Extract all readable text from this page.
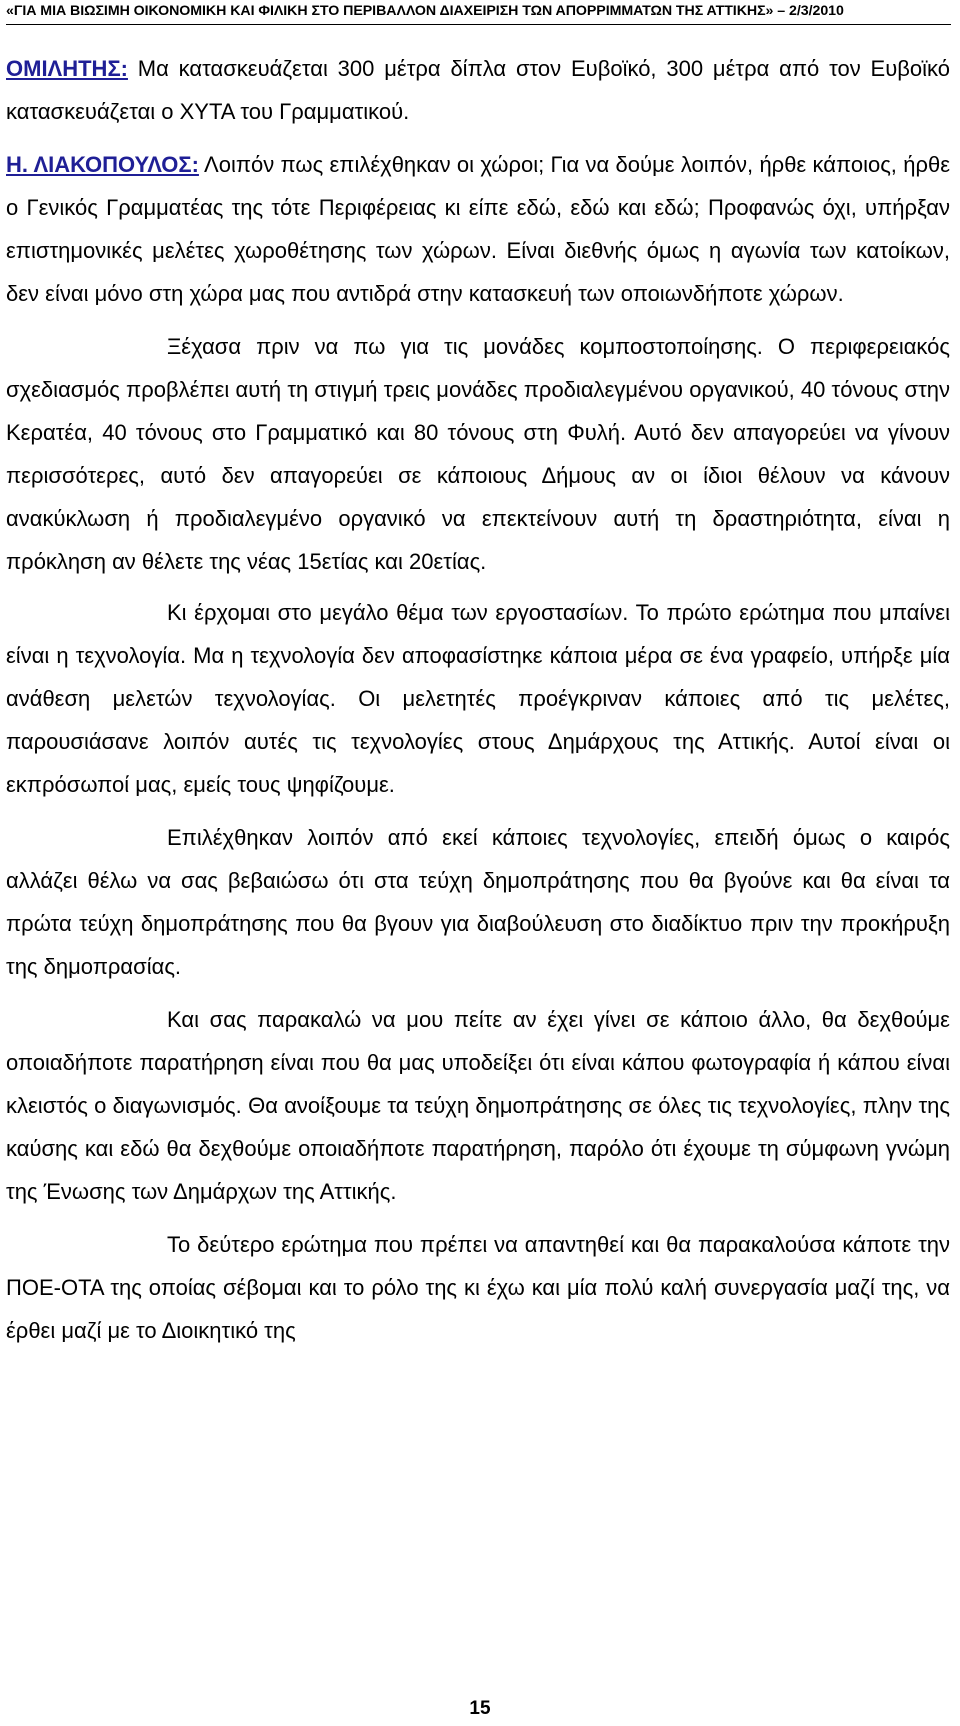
«ΓΙΑ ΜΙΑ ΒΙΩΣΙΜΗ ΟΙΚΟΝΟΜΙΚΗ ΚΑΙ ΦΙΛΙΚΗ ΣΤΟ ΠΕΡΙΒΑΛΛΟΝ ΔΙΑΧΕΙΡΙΣΗ ΤΩΝ ΑΠΟΡΡΙΜΜΑΤΩΝ ΤΗΣ ΑΤΤΙΚΗΣ» – 2/3/2010

ΟΜΙΛΗΤΗΣ: Μα κατασκευάζεται 300 μέτρα δίπλα στον Ευβοϊκό, 300 μέτρα από τον Ευβοϊκό κατασκευάζεται ο ΧΥΤΑ του Γραμματικού.

Η. ΛΙΑΚΟΠΟΥΛΟΣ: Λοιπόν πως επιλέχθηκαν οι χώροι; Για να δούμε λοιπόν, ήρθε κάποιος, ήρθε ο Γενικός Γραμματέας της τότε Περιφέρειας κι είπε εδώ, εδώ και εδώ; Προφανώς όχι, υπήρξαν επιστημονικές μελέτες χωροθέτησης των χώρων. Είναι διεθνής όμως η αγωνία των κατοίκων, δεν είναι μόνο στη χώρα μας που αντιδρά στην κατασκευή των οποιωνδήποτε χώρων.

Ξέχασα πριν να πω για τις μονάδες κομποστοποίησης. Ο περιφερειακός σχεδιασμός προβλέπει αυτή τη στιγμή τρεις μονάδες προδιαλεγμένου οργανικού, 40 τόνους στην Κερατέα, 40 τόνους στο Γραμματικό και 80 τόνους στη Φυλή. Αυτό δεν απαγορεύει να γίνουν περισσότερες, αυτό δεν απαγορεύει σε κάποιους Δήμους αν οι ίδιοι θέλουν να κάνουν ανακύκλωση ή προδιαλεγμένο οργανικό να επεκτείνουν αυτή τη δραστηριότητα, είναι η πρόκληση αν θέλετε της νέας 15ετίας και 20ετίας.

Κι έρχομαι στο μεγάλο θέμα των εργοστασίων. Το πρώτο ερώτημα που μπαίνει είναι η τεχνολογία. Μα η τεχνολογία δεν αποφασίστηκε κάποια μέρα σε ένα γραφείο, υπήρξε μία ανάθεση μελετών τεχνολογίας. Οι μελετητές προέγκριναν κάποιες από τις μελέτες, παρουσιάσανε λοιπόν αυτές τις τεχνολογίες στους Δημάρχους της Αττικής. Αυτοί είναι οι εκπρόσωποί μας, εμείς τους ψηφίζουμε.

Επιλέχθηκαν λοιπόν από εκεί κάποιες τεχνολογίες, επειδή όμως ο καιρός αλλάζει θέλω να σας βεβαιώσω ότι στα τεύχη δημοπράτησης που θα βγούνε και θα είναι τα πρώτα τεύχη δημοπράτησης που θα βγουν για διαβούλευση στο διαδίκτυο πριν την προκήρυξη της δημοπρασίας.

Και σας παρακαλώ να μου πείτε αν έχει γίνει σε κάποιο άλλο, θα δεχθούμε οποιαδήποτε παρατήρηση είναι που θα μας υποδείξει ότι είναι κάπου φωτογραφία ή κάπου είναι κλειστός ο διαγωνισμός. Θα ανοίξουμε τα τεύχη δημοπράτησης σε όλες τις τεχνολογίες, πλην της καύσης και εδώ θα δεχθούμε οποιαδήποτε παρατήρηση, παρόλο ότι έχουμε τη σύμφωνη γνώμη της Ένωσης των Δημάρχων της Αττικής.

Το δεύτερο ερώτημα που πρέπει να απαντηθεί και θα παρακαλούσα κάποτε την ΠΟΕ-ΟΤΑ της οποίας σέβομαι και το ρόλο της κι έχω και μία πολύ καλή συνεργασία μαζί της, να έρθει μαζί με το Διοικητικό της

15
